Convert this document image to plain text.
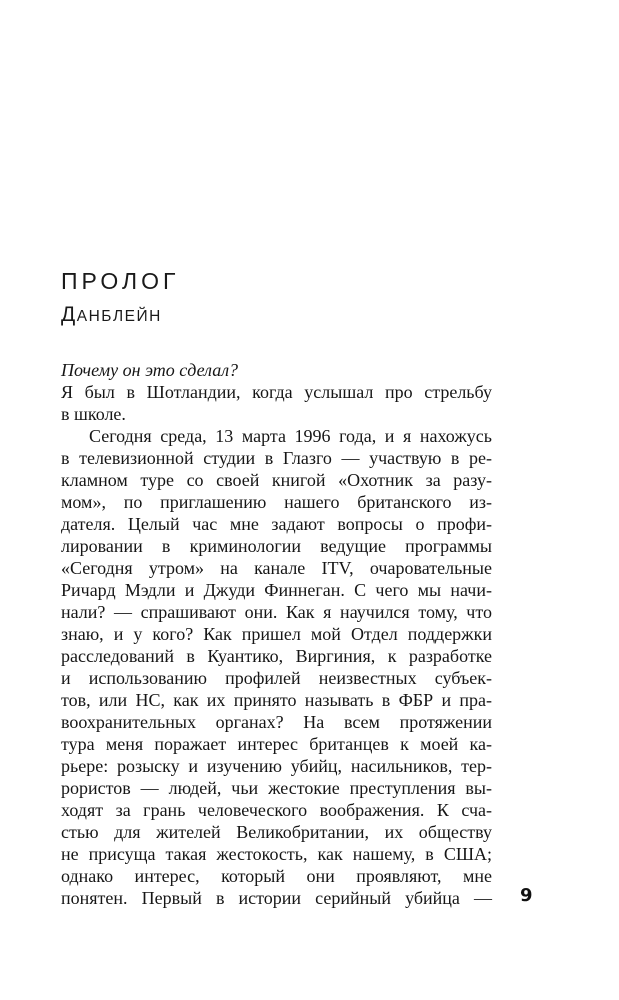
ПРОЛОГ
ДАНБЛЕЙН
Почему он это сделал?
Я был в Шотландии, когда услышал про стрельбу
в школе.
Сегодня среда, 13 марта 1996 года, и я нахожусь
в телевизионной студии в Глазго — участвую в ре-
кламном туре со своей книгой «Охотник за разу-
мом», по приглашению нашего британского из-
дателя. Целый час мне задают вопросы о профи-
лировании в криминологии ведущие программы
«Сегодня утром» на канале ITV, очаровательные
Ричард Мэдли и Джуди Финнеган. С чего мы начи-
нали? — спрашивают они. Как я научился тому, что
знаю, и у кого? Как пришел мой Отдел поддержки
расследований в Куантико, Виргиния, к разработке
и использованию профилей неизвестных субъек-
тов, или НС, как их принято называть в ФБР и пра-
воохранительных органах? На всем протяжении
тура меня поражает интерес британцев к моей ка-
рьере: розыску и изучению убийц, насильников, тер-
рористов — людей, чьи жестокие преступления вы-
ходят за грань человеческого воображения. К сча-
стью для жителей Великобритании, их обществу
не присуща такая жестокость, как нашему, в США;
однако интерес, который они проявляют, мне
понятен. Первый в истории серийный убийца — 9
